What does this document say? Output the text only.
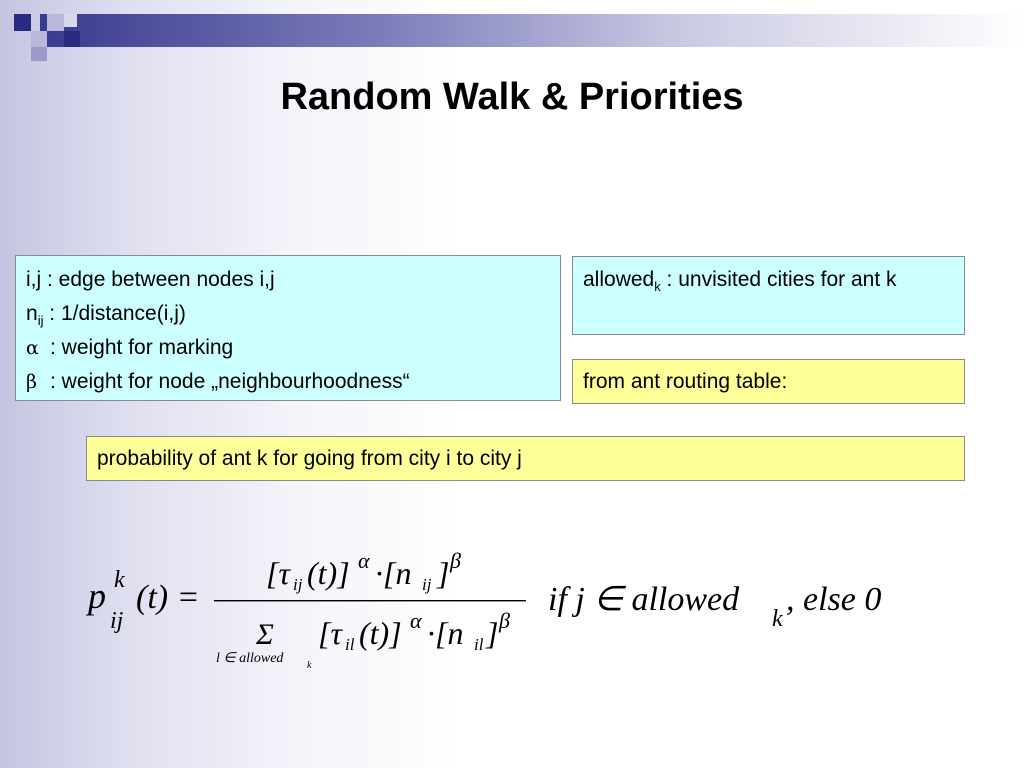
Random Walk & Priorities
i,j : edge between nodes i,j
$n_{ij}$ : 1/distance(i,j)
α : weight for marking
β : weight for node „neighbourhoodness“
allowed$_k$ : unvisited cities for ant k
from ant routing table:
probability of ant k for going from city i to city j
p k
ij
(t) =
[τ ij (t)] α ·[n ij ] β
Σ
l ∈ allowed k
[τ il (t)] α ·[n il ] β
if j ∈ allowed
k
, else 0
